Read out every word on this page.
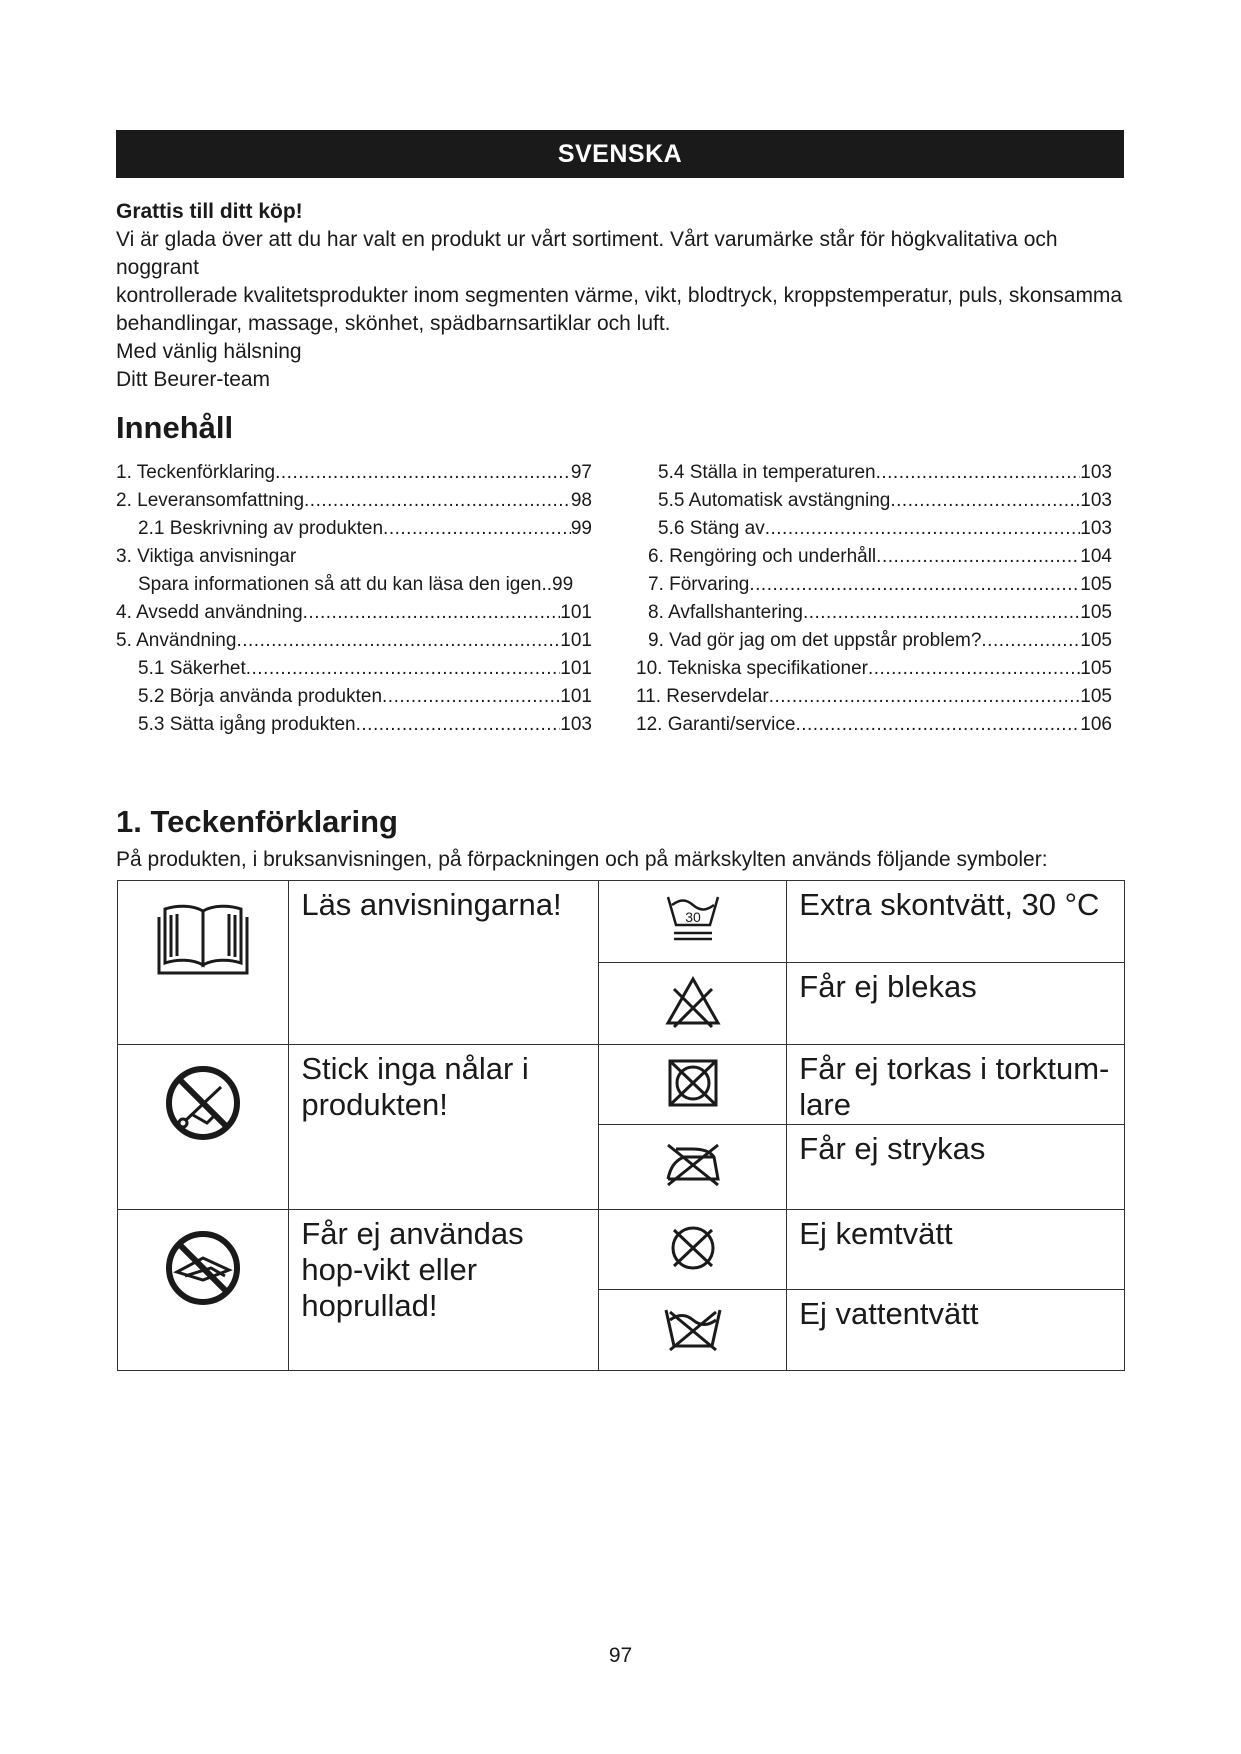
SVENSKA

Grattis till ditt köp!

Vi är glada över att du har valt en produkt ur vårt sortiment. Vårt varumärke står för högkvalitativa och noggrant

kontrollerade kvalitetsprodukter inom segmenten värme, vikt, blodtryck, kroppstemperatur, puls, skonsamma

behandlingar, massage, skönhet, spädbarnsartiklar och luft.

Med vänlig hälsning
Ditt Beurer-team
Innehåll
1. Teckenförklaring .....	97
2. Leveransomfattning .....	98
2.1 Beskrivning av produkten .....	99
3. Viktiga anvisningar
Spara informationen så att du kan läsa den igen..99
4. Avsedd användning .....	101
5. Användning .....	101
5.1 Säkerhet .....	101
5.2 Börja använda produkten .....	101
5.3 Sätta igång produkten .....	103
5.4 Ställa in temperaturen .....	103
5.5 Automatisk avstängning .....	103
5.6 Stäng av .....	103
6. Rengöring och underhåll .....	104
7. Förvaring .....	105
8. Avfallshantering .....	105
9. Vad gör jag om det uppstår problem? .....	105
10. Tekniska specifikationer .....	105
11. Reservdelar .....	105
12. Garanti/service .....	106
1. Teckenförklaring
På produkten, i bruksanvisningen, på förpackningen och på märkskylten används följande symboler:

Läs anvisningarna!	30	Extra skontvätt, 30 °C

Får ej blekas

Stick inga nålar i produkten!		Får ej torkas i torktum-lare

Får ej strykas

Får ej användas hop-vikt eller hoprullad!		Ej kemtvätt

Ej vattentvätt
97
